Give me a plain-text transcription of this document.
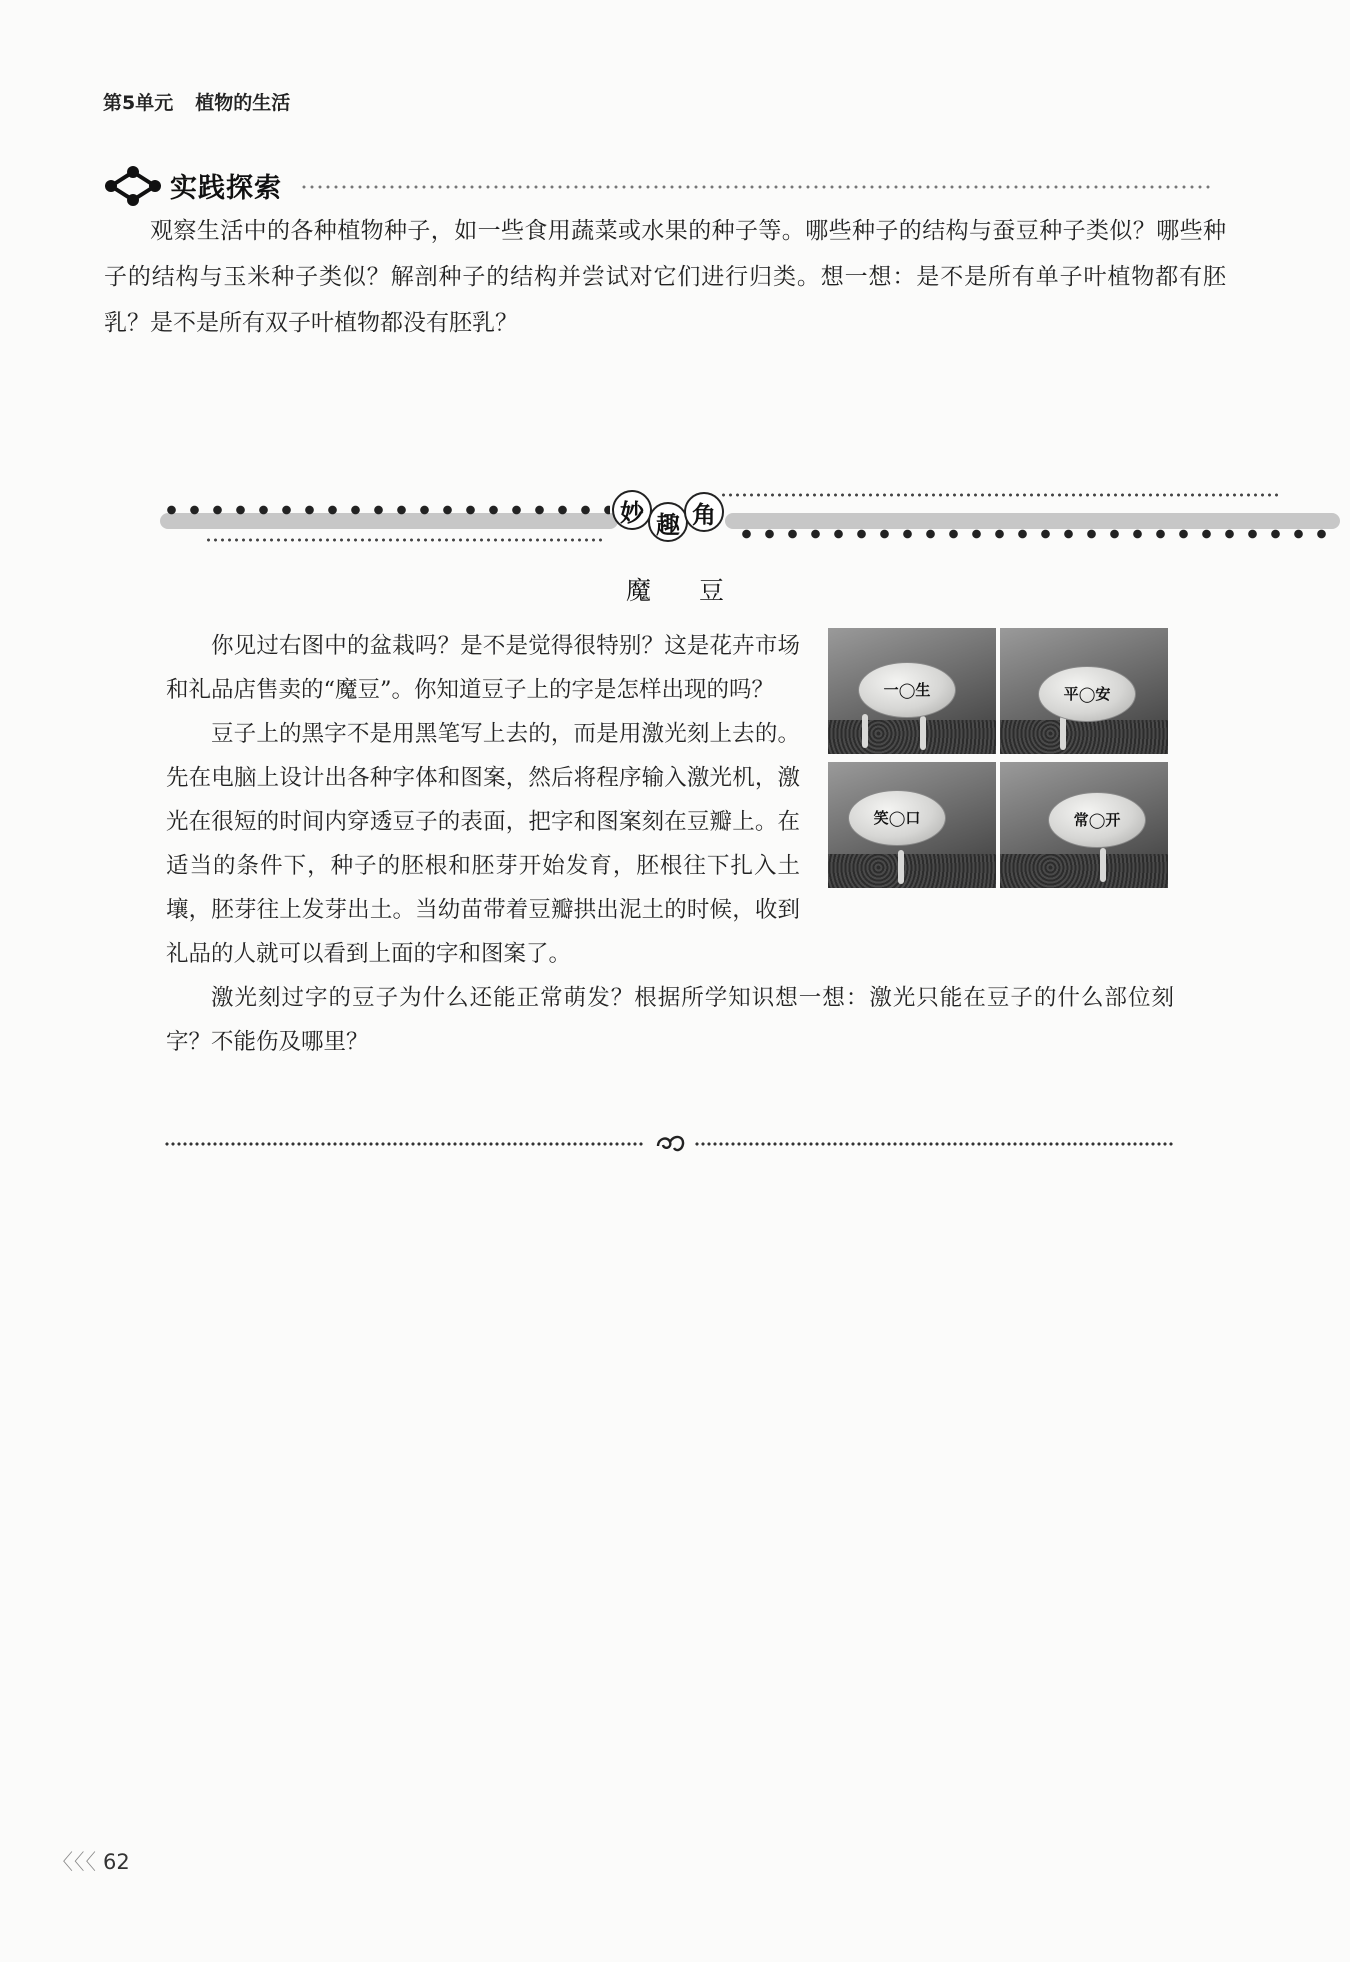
第5单元 植物的生活
实践探索

观察生活中的各种植物种子，如一些食用蔬菜或水果的种子等。哪些种子的结构与蚕豆种子类似？哪些种子的结构与玉米种子类似？解剖种子的结构并尝试对它们进行归类。想一想：是不是所有单子叶植物都有胚乳？是不是所有双子叶植物都没有胚乳？

妙 趣 角
魔豆
一◯生	平◯安
笑◯口	常◯开

你见过右图中的盆栽吗？是不是觉得很特别？这是花卉市场和礼品店售卖的“魔豆”。你知道豆子上的字是怎样出现的吗？

豆子上的黑字不是用黑笔写上去的，而是用激光刻上去的。先在电脑上设计出各种字体和图案，然后将程序输入激光机，激光在很短的时间内穿透豆子的表面，把字和图案刻在豆瓣上。在适当的条件下，种子的胚根和胚芽开始发育，胚根往下扎入土壤，胚芽往上发芽出土。当幼苗带着豆瓣拱出泥土的时候，收到礼品的人就可以看到上面的字和图案了。

激光刻过字的豆子为什么还能正常萌发？根据所学知识想一想：激光只能在豆子的什么部位刻字？不能伤及哪里？

〈〈〈 62
